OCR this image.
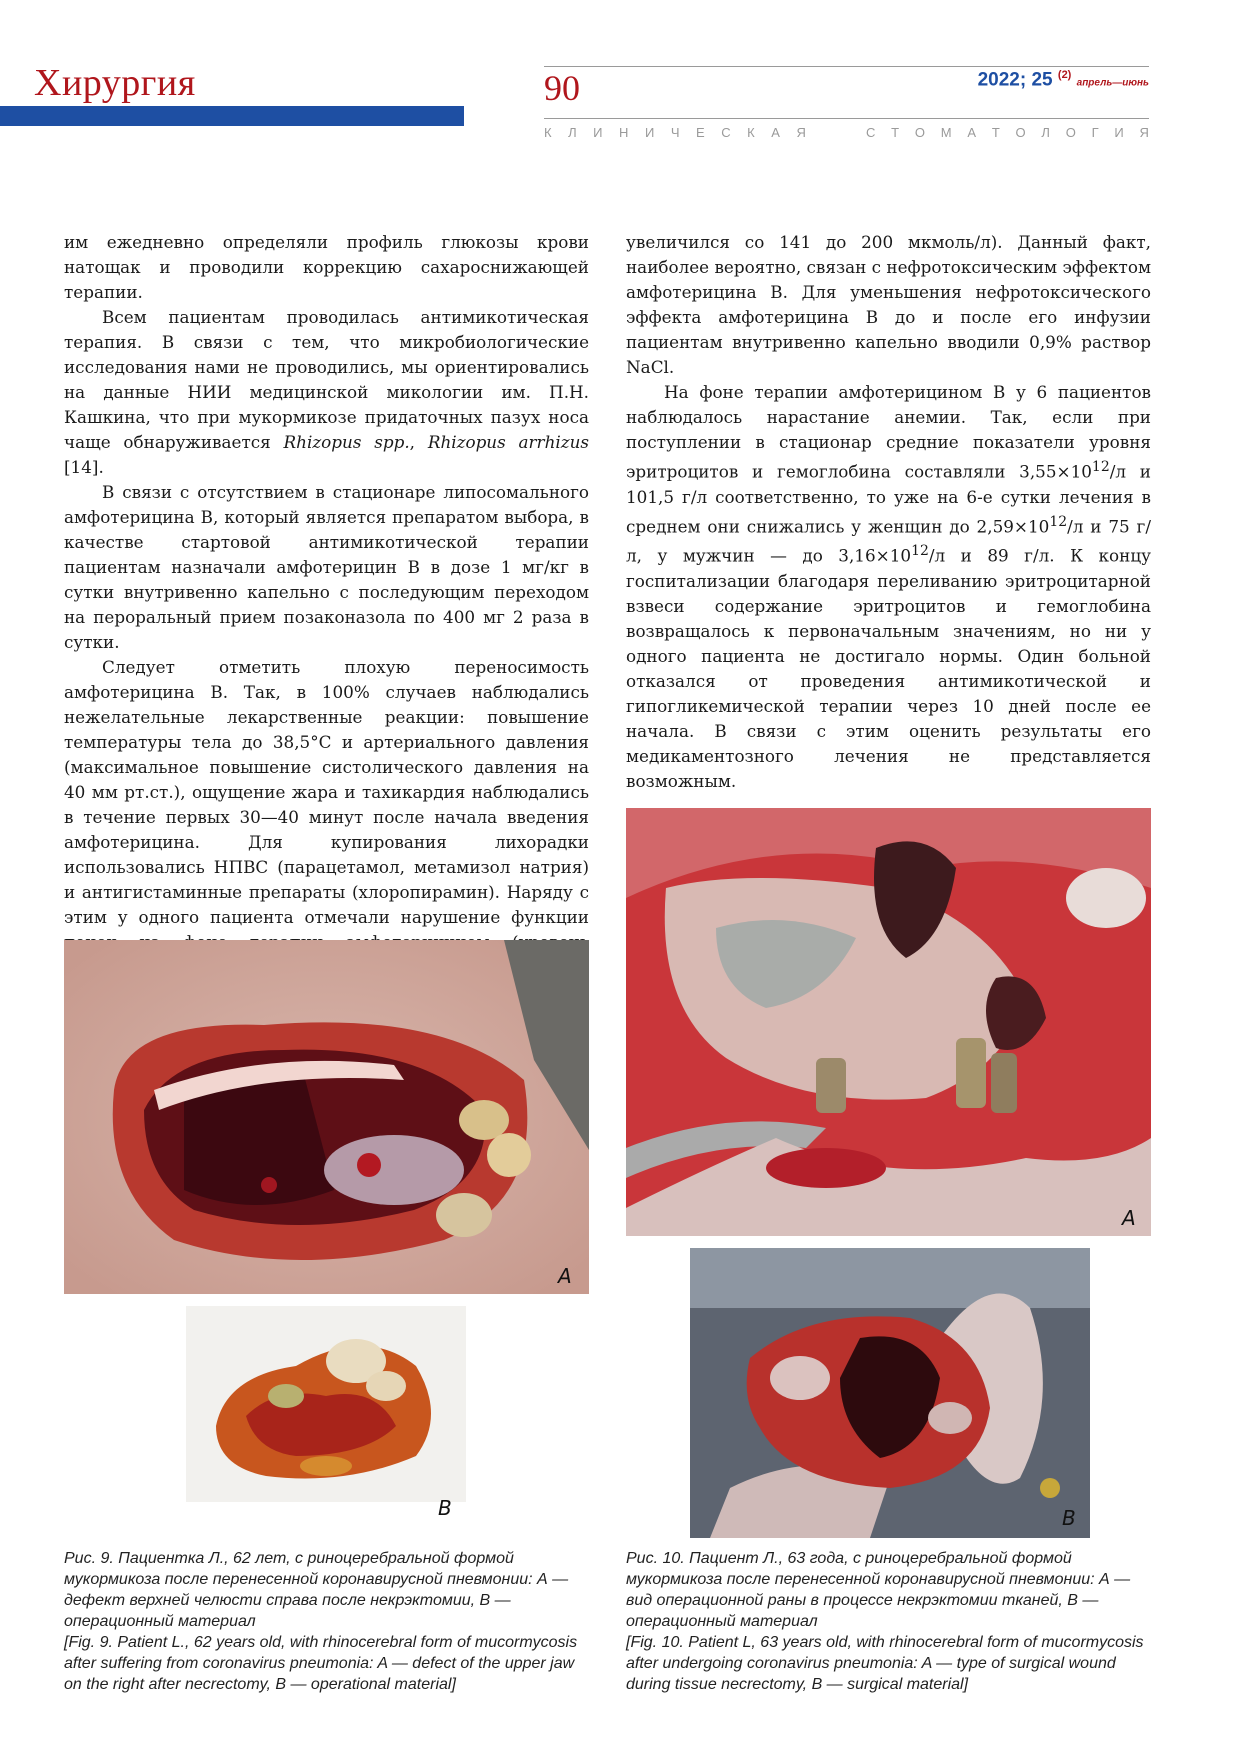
Хирургия	90	2022; 25 $^{(2)}$ апрель—июнь
К Л И Н И Ч Е С К А Я	С Т О М А Т О Л О Г И Я

им ежедневно определяли профиль глюкозы крови натощак и проводили коррекцию сахароснижающей терапии.

Всем пациентам проводилась антимикотическая терапия. В связи с тем, что микробиологические исследования нами не проводились, мы ориентировались на данные НИИ медицинской микологии им. П.Н. Кашкина, что при мукормикозе придаточных пазух носа чаще обнаруживается Rhizopus spp., Rhizopus arrhizus [14].

В связи с отсутствием в стационаре липосомального амфотерицина В, который является препаратом выбора, в качестве стартовой антимикотической терапии пациентам назначали амфотерицин В в дозе 1 мг/кг в сутки внутривенно капельно с последующим переходом на пероральный прием позаконазола по 400 мг 2 раза в сутки.

Следует отметить плохую переносимость амфотерицина В. Так, в 100% случаев наблюдались нежелательные лекарственные реакции: повышение температуры тела до 38,5°С и артериального давления (максимальное повышение систолического давления на 40 мм рт.ст.), ощущение жара и тахикардия наблюдались в течение первых 30—40 минут после начала введения амфотерицина. Для купирования лихорадки использовались НПВС (парацетамол, метамизол натрия) и антигистаминные препараты (хлоропирамин). Наряду с этим у одного пациента отмечали нарушение функции

увеличился со 141 до 200 мкмоль/л). Данный факт, наиболее вероятно, связан с нефротоксическим эффектом амфотерицина В. Для уменьшения нефротоксического эффекта амфотерицина В до и после его инфузии пациентам внутривенно капельно вводили 0,9% раствор NaCl.

На фоне терапии амфотерицином В у 6 пациентов наблюдалось нарастание анемии. Так, если при поступлении в стационар средние показатели уровня эритроцитов и гемоглобина составляли $3,55\times 10^{12}/л$ и 101,5 г/л соответственно, то уже на 6-е сутки лечения в среднем они снижались у женщин до $2,59\times 10^{12}/л$ и 75 г/л, у мужчин — до $3,16\times 10^{12}/л$ и 89 г/л. К концу госпитализации благодаря переливанию эритроцитарной взвеси содержание эритроцитов и гемоглобина возвращалось к первоначальным значениям, но ни у одного пациента не достигало нормы. Один больной отказался от проведения антимикотической и гипогликемической терапии через 10 дней после ее начала. В связи с этим оценить результаты его медикаментозного лечения не представляется возможным.

A
B
A
B

Рис. 9. Пациентка Л., 62 лет, с риноцеребральной формой мукормикоза после перенесенной коронавирусной пневмонии: А — дефект верхней челюсти справа после некрэктомии, В — операционный материал

[Fig. 9. Patient L., 62 years old, with rhinocerebral form of mucormycosis after suffering from coronavirus pneumonia: A — defect of the upper jaw on the right after necrectomy, B — operational material]

Рис. 10. Пациент Л., 63 года, с риноцеребральной формой мукормикоза после перенесенной коронавирусной пневмонии: А — вид операционной раны в процессе некрэктомии тканей, В — операционный материал

[Fig. 10. Patient L, 63 years old, with rhinocerebral form of mucormycosis after undergoing coronavirus pneumonia: A — type of surgical wound during tissue necrectomy, B — surgical material]
